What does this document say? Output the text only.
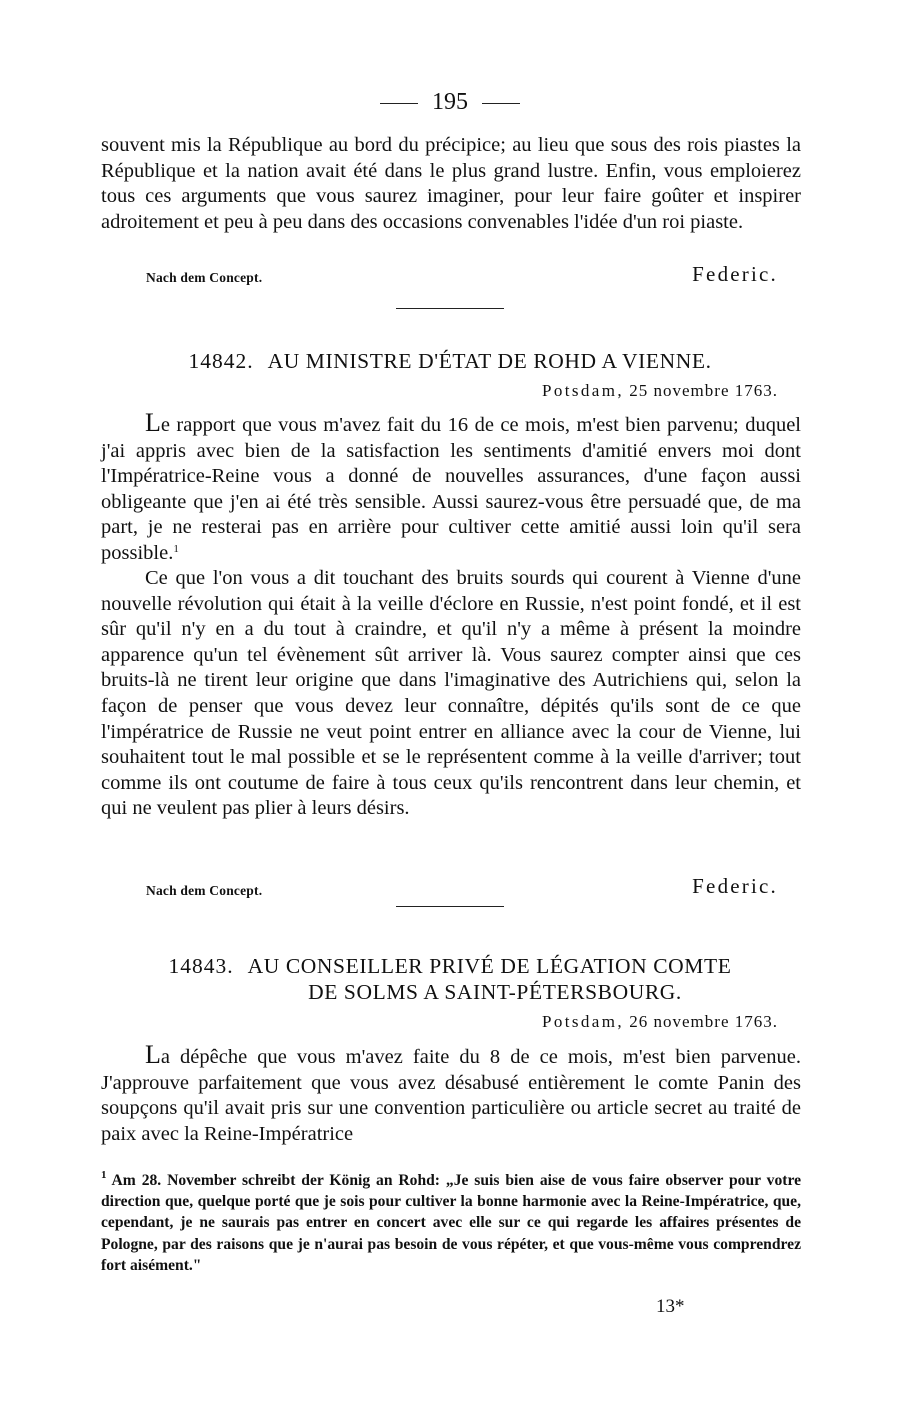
195

souvent mis la République au bord du précipice; au lieu que sous des rois piastes la République et la nation avait été dans le plus grand lustre. Enfin, vous emploierez tous ces arguments que vous saurez imaginer, pour leur faire goûter et inspirer adroitement et peu à peu dans des occasions convenables l'idée d'un roi piaste.

Nach dem Concept.	Federic.
14842. AU MINISTRE D'ÉTAT DE ROHD A VIENNE.
Potsdam, 25 novembre 1763.

Le rapport que vous m'avez fait du 16 de ce mois, m'est bien parvenu; duquel j'ai appris avec bien de la satisfaction les sentiments d'amitié envers moi dont l'Impératrice-Reine vous a donné de nouvelles assurances, d'une façon aussi obligeante que j'en ai été très sensible. Aussi saurez-vous être persuadé que, de ma part, je ne resterai pas en arrière pour cultiver cette amitié aussi loin qu'il sera possible.$^1$

Ce que l'on vous a dit touchant des bruits sourds qui courent à Vienne d'une nouvelle révolution qui était à la veille d'éclore en Russie, n'est point fondé, et il est sûr qu'il n'y en a du tout à craindre, et qu'il n'y a même à présent la moindre apparence qu'un tel évènement sût arriver là. Vous saurez compter ainsi que ces bruits-là ne tirent leur origine que dans l'imaginative des Autrichiens qui, selon la façon de penser que vous devez leur connaître, dépités qu'ils sont de ce que l'impératrice de Russie ne veut point entrer en alliance avec la cour de Vienne, lui souhaitent tout le mal possible et se le représentent comme à la veille d'arriver; tout comme ils ont coutume de faire à tous ceux qu'ils rencontrent dans leur chemin, et qui ne veulent pas plier à leurs désirs.

Nach dem Concept.	Federic.
14843. AU CONSEILLER PRIVÉ DE LÉGATION COMTE
DE SOLMS A SAINT-PÉTERSBOURG.
Potsdam, 26 novembre 1763.

La dépêche que vous m'avez faite du 8 de ce mois, m'est bien parvenue. J'approuve parfaitement que vous avez désabusé entièrement le comte Panin des soupçons qu'il avait pris sur une convention particulière ou article secret au traité de paix avec la Reine-Impératrice

$^1$ Am 28. November schreibt der König an Rohd: „Je suis bien aise de vous faire observer pour votre direction que, quelque porté que je sois pour cultiver la bonne harmonie avec la Reine-Impératrice, que, cependant, je ne saurais pas entrer en concert avec elle sur ce qui regarde les affaires présentes de Pologne, par des raisons que je n'aurai pas besoin de vous répéter, et que vous-même vous comprendrez fort aisément."

13*
